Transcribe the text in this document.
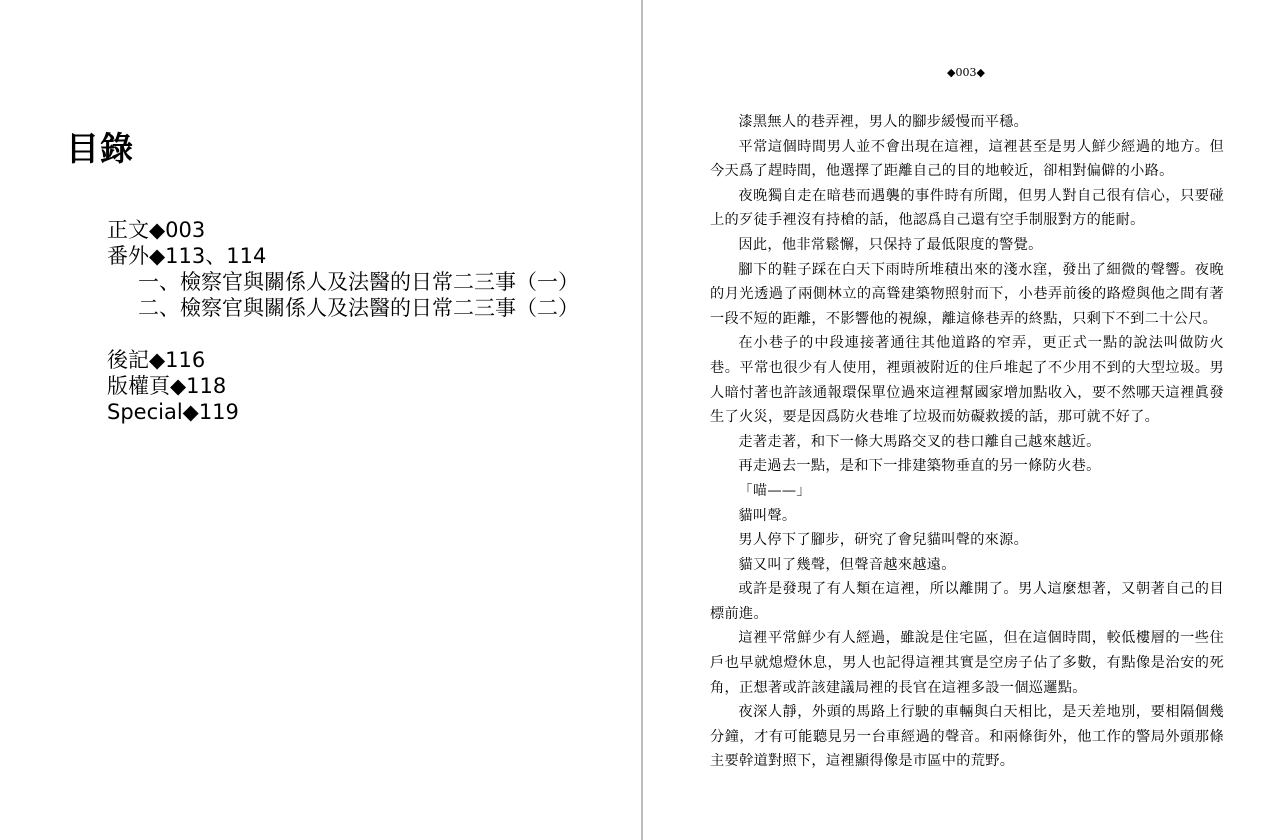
目錄
正文◆003
番外◆113、114
一、檢察官與關係人及法醫的日常二三事（一）
二、檢察官與關係人及法醫的日常二三事（二）
後記◆116
版權頁◆118
Special◆119
◆003◆

漆黑無人的巷弄裡，男人的腳步緩慢而平穩。

平常這個時間男人並不會出現在這裡，這裡甚至是男人鮮少經過的地方。但今天爲了趕時間，他選擇了距離自己的目的地較近，卻相對偏僻的小路。

夜晚獨自走在暗巷而遇襲的事件時有所聞，但男人對自己很有信心，只要碰上的歹徒手裡沒有持槍的話，他認爲自己還有空手制服對方的能耐。

因此，他非常鬆懈，只保持了最低限度的警覺。

腳下的鞋子踩在白天下雨時所堆積出來的淺水窪，發出了細微的聲響。夜晚的月光透過了兩側林立的高聳建築物照射而下，小巷弄前後的路燈與他之間有著一段不短的距離，不影響他的視線，離這條巷弄的終點，只剩下不到二十公尺。

在小巷子的中段連接著通往其他道路的窄弄，更正式一點的說法叫做防火巷。平常也很少有人使用，裡頭被附近的住戶堆起了不少用不到的大型垃圾。男人暗忖著也許該通報環保單位過來這裡幫國家增加點收入，要不然哪天這裡眞發生了火災，要是因爲防火巷堆了垃圾而妨礙救援的話，那可就不好了。

走著走著，和下一條大馬路交叉的巷口離自己越來越近。

再走過去一點，是和下一排建築物垂直的另一條防火巷。

「喵——」

貓叫聲。

男人停下了腳步，研究了會兒貓叫聲的來源。

貓又叫了幾聲，但聲音越來越遠。

或許是發現了有人類在這裡，所以離開了。男人這麼想著，又朝著自己的目標前進。

這裡平常鮮少有人經過，雖說是住宅區，但在這個時間，較低樓層的一些住戶也早就熄燈休息，男人也記得這裡其實是空房子佔了多數，有點像是治安的死角，正想著或許該建議局裡的長官在這裡多設一個巡邏點。

夜深人靜，外頭的馬路上行駛的車輛與白天相比，是天差地別，要相隔個幾分鐘，才有可能聽見另一台車經過的聲音。和兩條街外，他工作的警局外頭那條主要幹道對照下，這裡顯得像是市區中的荒野。
